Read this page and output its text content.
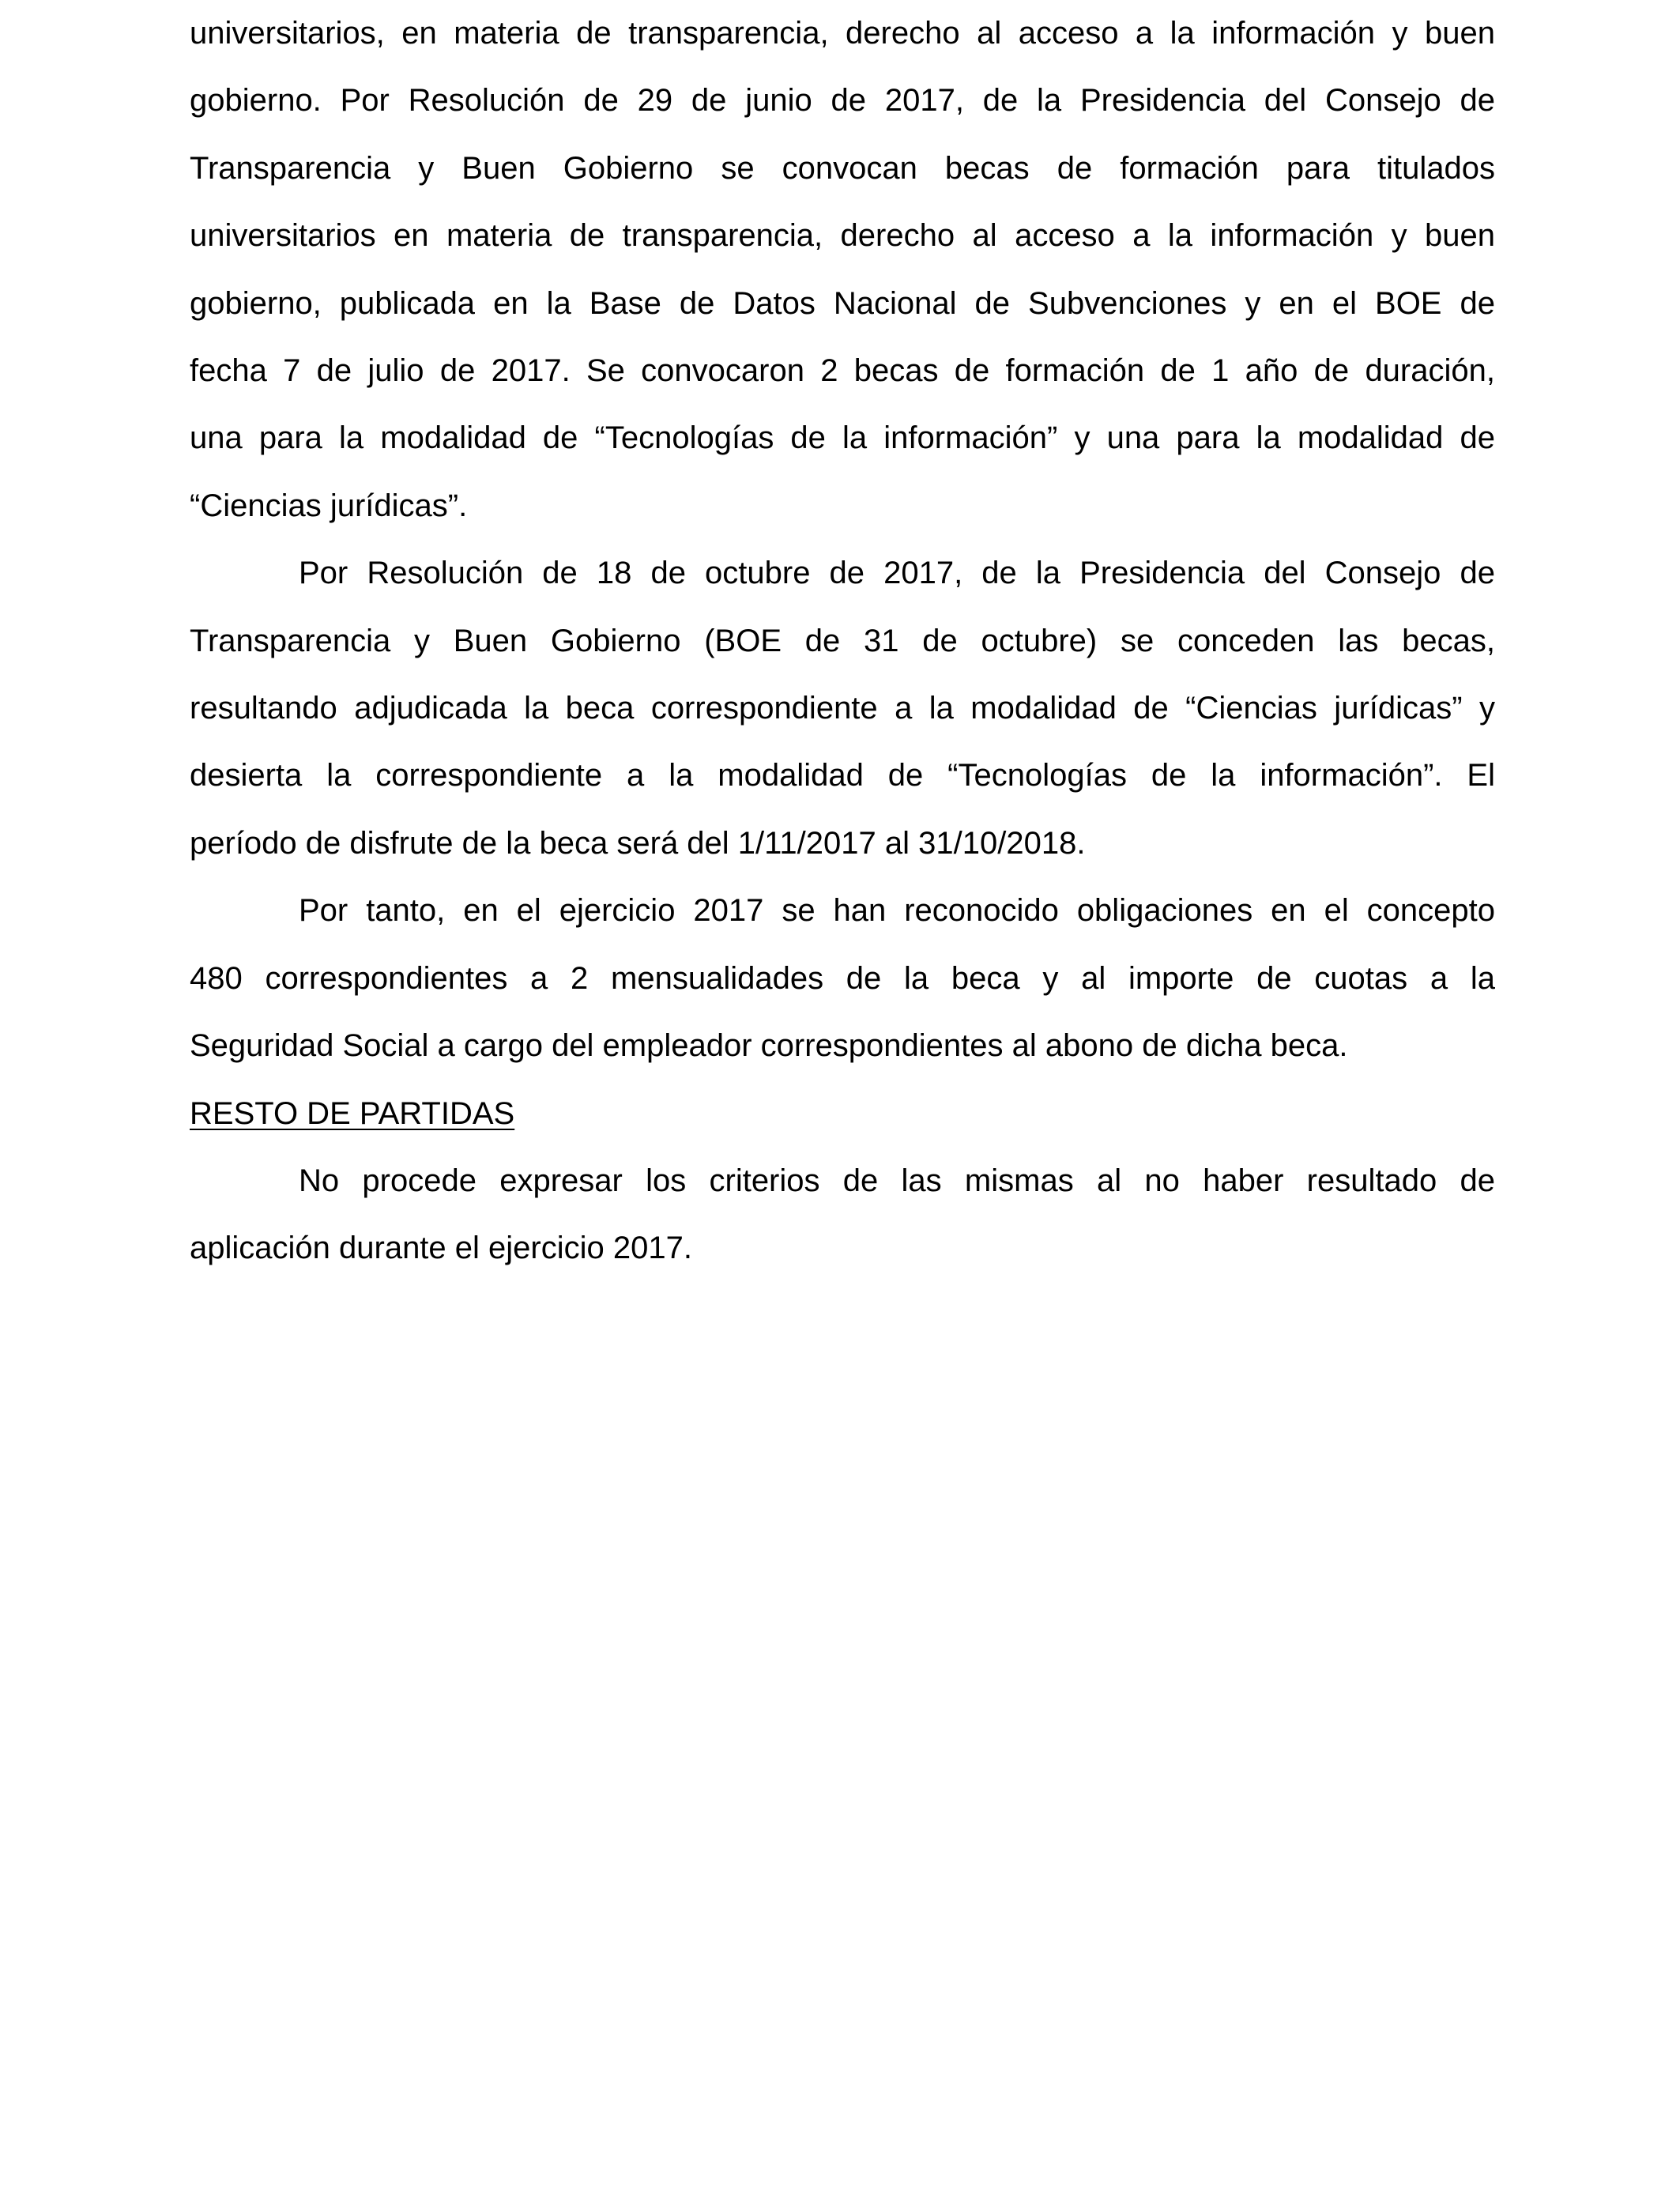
universitarios, en materia de transparencia, derecho al acceso a la información y buen
gobierno. Por Resolución de 29 de junio de 2017, de la Presidencia del Consejo de
Transparencia y Buen Gobierno se convocan becas de formación para titulados
universitarios en materia de transparencia, derecho al acceso a la información y buen
gobierno, publicada en la Base de Datos Nacional de Subvenciones y en el BOE de
fecha 7 de julio de 2017. Se convocaron 2 becas de formación de 1 año de duración,
una para la modalidad de “Tecnologías de la información” y una para la modalidad de
“Ciencias jurídicas”.

Por Resolución de 18 de octubre de 2017, de la Presidencia del Consejo de
Transparencia y Buen Gobierno (BOE de 31 de octubre) se conceden las becas,
resultando adjudicada la beca correspondiente a la modalidad de “Ciencias jurídicas” y
desierta la correspondiente a la modalidad de “Tecnologías de la información”. El
período de disfrute de la beca será del 1/11/2017 al 31/10/2018.

Por tanto, en el ejercicio 2017 se han reconocido obligaciones en el concepto
480 correspondientes a 2 mensualidades de la beca y al importe de cuotas a la
Seguridad Social a cargo del empleador correspondientes al abono de dicha beca.

RESTO DE PARTIDAS

No procede expresar los criterios de las mismas al no haber resultado de
aplicación durante el ejercicio 2017.
